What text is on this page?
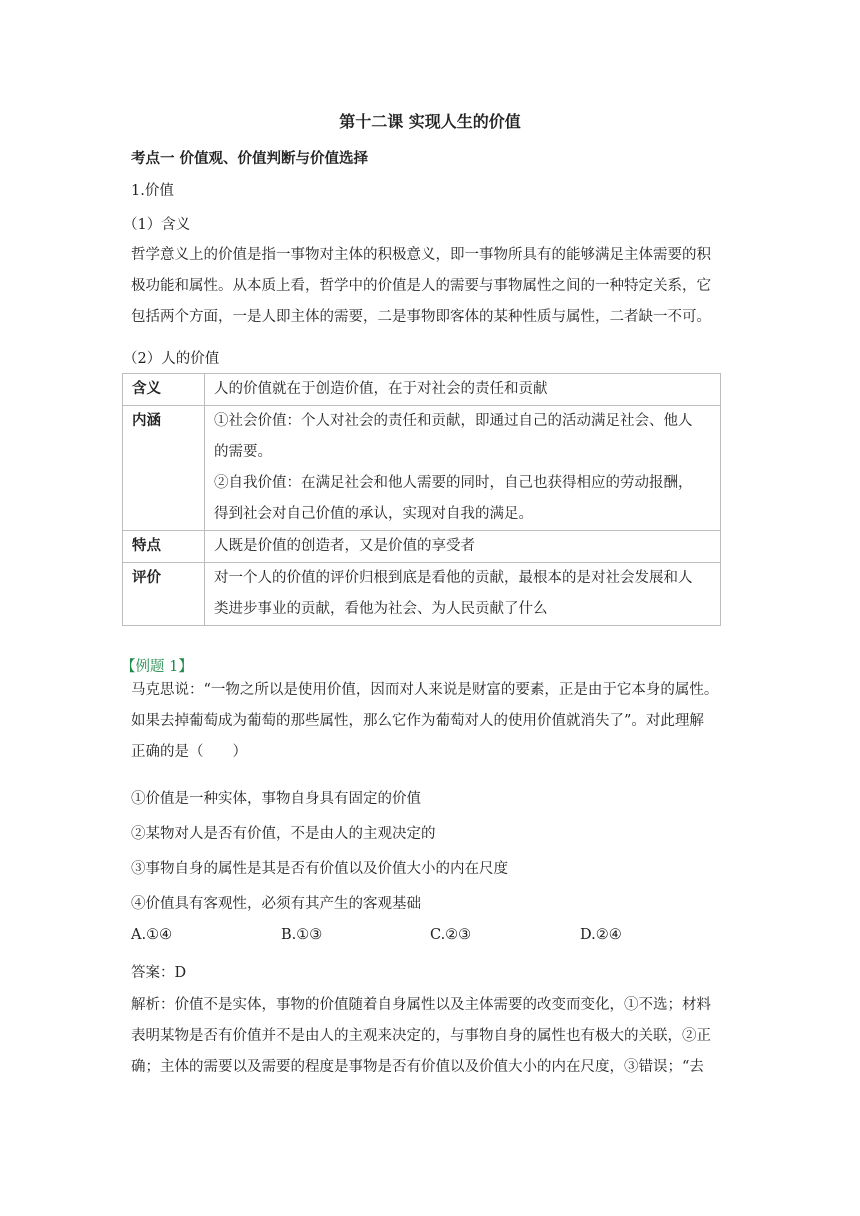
第十二课 实现人生的价值
考点一 价值观、价值判断与价值选择
1.价值
（1）含义
哲学意义上的价值是指一事物对主体的积极意义，即一事物所具有的能够满足主体需要的积
极功能和属性。从本质上看，哲学中的价值是人的需要与事物属性之间的一种特定关系，它
包括两个方面，一是人即主体的需要，二是事物即客体的某种性质与属性，二者缺一不可。
（2）人的价值
含义	人的价值就在于创造价值，在于对社会的责任和贡献

内涵	①社会价值：个人对社会的责任和贡献，即通过自己的活动满足社会、他人
的需要。
②自我价值：在满足社会和他人需要的同时，自己也获得相应的劳动报酬，
得到社会对自己价值的承认，实现对自我的满足。

特点	人既是价值的创造者，又是价值的享受者

评价	对一个人的价值的评价归根到底是看他的贡献，最根本的是对社会发展和人
类进步事业的贡献，看他为社会、为人民贡献了什么
【例题 1】
马克思说：“一物之所以是使用价值，因而对人来说是财富的要素，正是由于它本身的属性。
如果去掉葡萄成为葡萄的那些属性，那么它作为葡萄对人的使用价值就消失了”。对此理解
正确的是（　　）
①价值是一种实体，事物自身具有固定的价值
②某物对人是否有价值，不是由人的主观决定的
③事物自身的属性是其是否有价值以及价值大小的内在尺度
④价值具有客观性，必须有其产生的客观基础
A.①④	B.①③	C.②③	D.②④
答案：D
解析：价值不是实体，事物的价值随着自身属性以及主体需要的改变而变化，①不选；材料
表明某物是否有价值并不是由人的主观来决定的，与事物自身的属性也有极大的关联，②正
确；主体的需要以及需要的程度是事物是否有价值以及价值大小的内在尺度，③错误；“去
